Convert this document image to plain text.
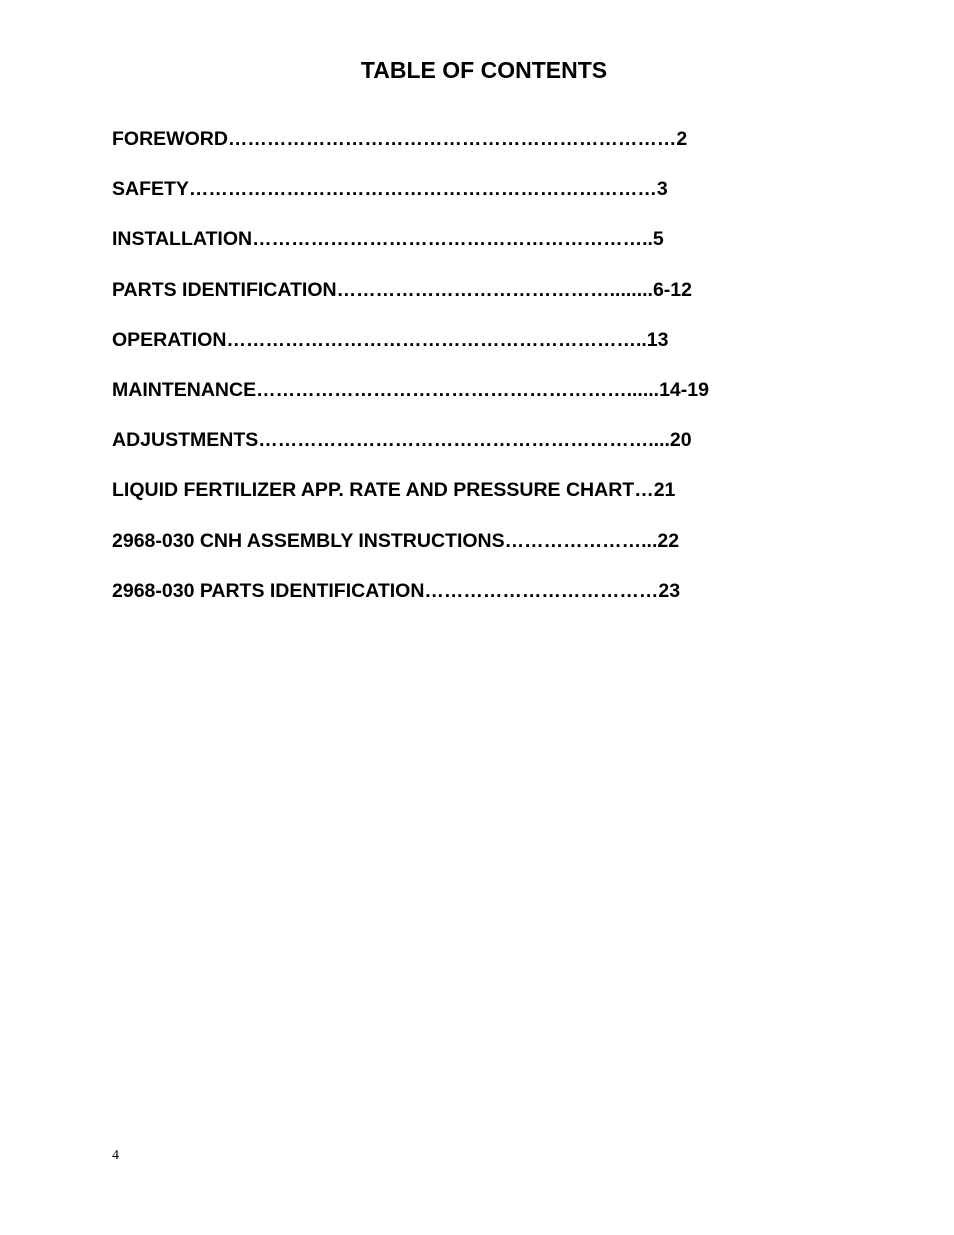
TABLE OF CONTENTS
FOREWORD……………………………………………………………2
SAFETY………………………………………………………………3
INSTALLATION……………………………………………………..5
PARTS IDENTIFICATION……………………………………........6-12
OPERATION………………………………………………………..13
MAINTENANCE…………………………………………………......14-19
ADJUSTMENTS……………………………………………………....20
LIQUID FERTILIZER APP. RATE AND PRESSURE CHART…21
2968-030 CNH ASSEMBLY INSTRUCTIONS…………………...22
2968-030 PARTS IDENTIFICATION………………………………23
4
